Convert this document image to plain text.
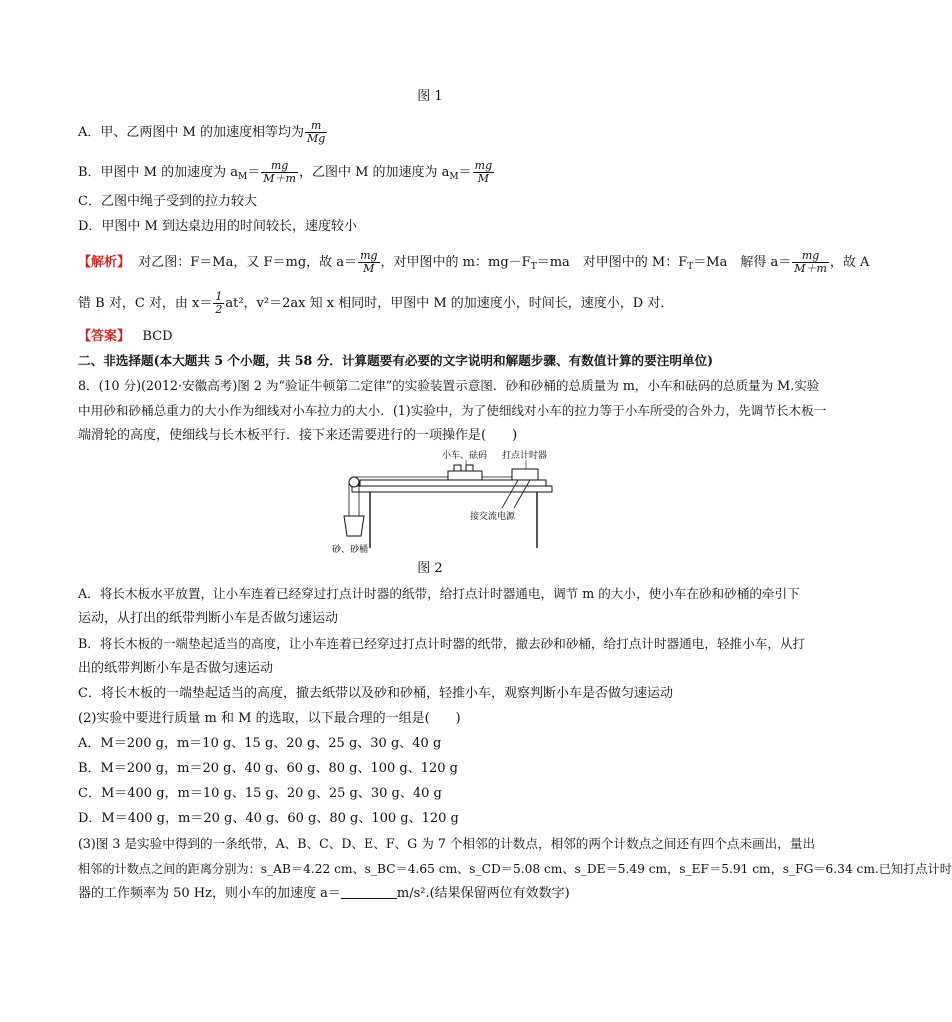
图 1
A．甲、乙两图中 M 的加速度相等均为 $\frac{m}{Mg}$
B．甲图中 M 的加速度为 $a_M= \frac{mg}{M+m}$ ，乙图中 M 的加速度为 $a_M= \frac{mg}{M}$
C．乙图中绳子受到的拉力较大
D．甲图中 M 到达桌边用的时间较长，速度较小
【解析】 对乙图：F＝Ma，又 F＝mg，故 $a= \frac{mg}{M}$ ，对甲图中的 m：$mg-F_T=ma$　对甲图中的 M：$F_T=Ma$　解得 $a= \frac{mg}{M+m}$ ，故 A
错 B 对，C 对，由 $x= \frac{1}{2} at^2$，v²＝2ax 知 x 相同时，甲图中 M 的加速度小，时间长，速度小，D 对．
【答案】 BCD
二、非选择题(本大题共 5 个小题，共 58 分．计算题要有必要的文字说明和解题步骤、有数值计算的要注明单位)
8．(10 分)(2012·安徽高考)图 2 为“验证牛顿第二定律”的实验装置示意图．砂和砂桶的总质量为 m，小车和砝码的总质量为 M.实验
中用砂和砂桶总重力的大小作为细线对小车拉力的大小．(1)实验中，为了使细线对小车的拉力等于小车所受的合外力，先调节长木板一
端滑轮的高度，使细线与长木板平行．接下来还需要进行的一项操作是(　　)
小车、砝码 打点计时器
接交流电源
砂、砂桶
图 2
A．将长木板水平放置，让小车连着已经穿过打点计时器的纸带，给打点计时器通电，调节 m 的大小，使小车在砂和砂桶的牵引下
运动，从打出的纸带判断小车是否做匀速运动
B．将长木板的一端垫起适当的高度，让小车连着已经穿过打点计时器的纸带，撤去砂和砂桶，给打点计时器通电，轻推小车，从打
出的纸带判断小车是否做匀速运动
C．将长木板的一端垫起适当的高度，撤去纸带以及砂和砂桶，轻推小车，观察判断小车是否做匀速运动
(2)实验中要进行质量 m 和 M 的选取，以下最合理的一组是(　　)
A．M＝200 g，m＝10 g、15 g、20 g、25 g、30 g、40 g
B．M＝200 g，m＝20 g、40 g、60 g、80 g、100 g、120 g
C．M＝400 g，m＝10 g、15 g、20 g、25 g、30 g、40 g
D．M＝400 g，m＝20 g、40 g、60 g、80 g、100 g、120 g
(3)图 3 是实验中得到的一条纸带，A、B、C、D、E、F、G 为 7 个相邻的计数点，相邻的两个计数点之间还有四个点未画出，量出
相邻的计数点之间的距离分别为：s_AB＝4.22 cm、s_BC＝4.65 cm、s_CD＝5.08 cm、s_DE＝5.49 cm，s_EF＝5.91 cm，s_FG＝6.34 cm.已知打点计时
器的工作频率为 50 Hz，则小车的加速度 a＝	m/s².(结果保留两位有效数字)
